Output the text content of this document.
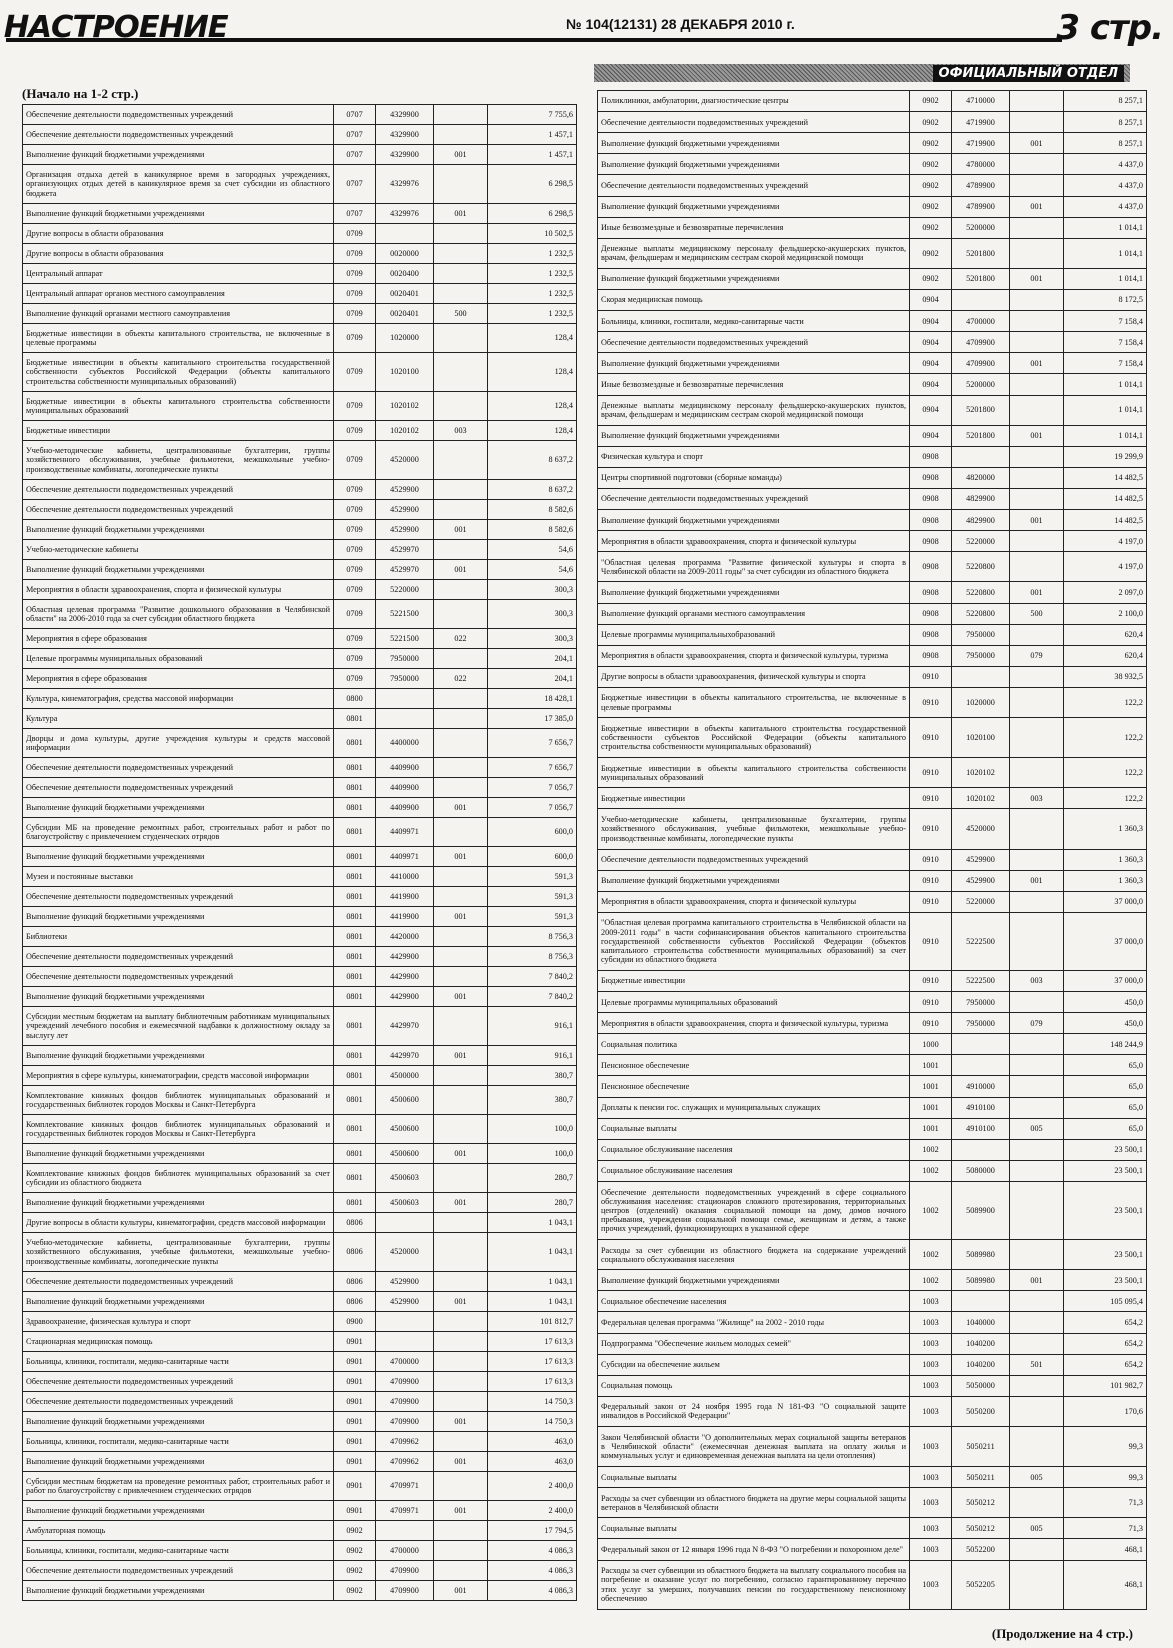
НАСТРОЕНИЕ	№ 104(12131) 28 ДЕКАБРЯ 2010 г.	3 стр.
ОФИЦИАЛЬНЫЙ ОТДЕЛ
(Начало на 1-2 стр.)
Обеспечение деятельности подведомственных учреждений	0707	4329900		7 755,6
Обеспечение деятельности подведомственных учреждений	0707	4329900		1 457,1
Выполнение функций бюджетными учреждениями	0707	4329900	001	1 457,1
Организация отдыха детей в каникулярное время в загородных учреждениях, организующих отдых детей в каникулярное время за счет субсидии из областного бюджета	0707	4329976		6 298,5
Выполнение функций бюджетными учреждениями	0707	4329976	001	6 298,5
Другие вопросы в области образования	0709			10 502,5
Другие вопросы в области образования	0709	0020000		1 232,5
Центральный аппарат	0709	0020400		1 232,5
Центральный аппарат органов местного самоуправления	0709	0020401		1 232,5
Выполнение функций органами местного самоуправления	0709	0020401	500	1 232,5
Бюджетные инвестиции в объекты капитального строительства, не включенные в целевые программы	0709	1020000		128,4
Бюджетные инвестиции в объекты капитального строительства государственной собственности субъектов Российской Федерации (объекты капитального строительства собственности муниципальных образований)	0709	1020100		128,4
Бюджетные инвестиции в объекты капитального строительства собственности муниципальных образований	0709	1020102		128,4
Бюджетные инвестиции	0709	1020102	003	128,4
Учебно-методические кабинеты, централизованные бухгалтерии, группы хозяйственного обслуживания, учебные фильмотеки, межшкольные учебно-производственные комбинаты, логопедические пункты	0709	4520000		8 637,2
Обеспечение деятельности подведомственных учреждений	0709	4529900		8 637,2
Обеспечение деятельности подведомственных учреждений	0709	4529900		8 582,6
Выполнение функций бюджетными учреждениями	0709	4529900	001	8 582,6
Учебно-методические кабинеты	0709	4529970		54,6
Выполнение функций бюджетными учреждениями	0709	4529970	001	54,6
Мероприятия в области здравоохранения, спорта и физической культуры	0709	5220000		300,3
Областная целевая программа "Развитие дошкольного образования в Челябинской области" на 2006-2010 года за счет субсидии областного бюджета	0709	5221500		300,3
Мероприятия в сфере образования	0709	5221500	022	300,3
Целевые программы муниципальных образований	0709	7950000		204,1
Мероприятия в сфере образования	0709	7950000	022	204,1
Культура, кинематография, средства массовой информации	0800			18 428,1
Культура	0801			17 385,0
Дворцы и дома культуры, другие учреждения культуры и средств массовой информации	0801	4400000		7 656,7
Обеспечение деятельности подведомственных учреждений	0801	4409900		7 656,7
Обеспечение деятельности подведомственных учреждений	0801	4409900		7 056,7
Выполнение функций бюджетными учреждениями	0801	4409900	001	7 056,7
Субсидии МБ на проведение ремонтных работ, строительных работ и работ по благоустройству с привлечением студенческих отрядов	0801	4409971		600,0
Выполнение функций бюджетными учреждениями	0801	4409971	001	600,0
Музеи и постоянные выставки	0801	4410000		591,3
Обеспечение деятельности подведомственных учреждений	0801	4419900		591,3
Выполнение функций бюджетными учреждениями	0801	4419900	001	591,3
Библиотеки	0801	4420000		8 756,3
Обеспечение деятельности подведомственных учреждений	0801	4429900		8 756,3
Обеспечение деятельности подведомственных учреждений	0801	4429900		7 840,2
Выполнение функций бюджетными учреждениями	0801	4429900	001	7 840,2
Субсидии местным бюджетам на выплату библиотечным работникам муниципальных учреждений лечебного пособия и ежемесячной надбавки к должностному окладу за выслугу лет	0801	4429970		916,1
Выполнение функций бюджетными учреждениями	0801	4429970	001	916,1
Мероприятия в сфере культуры, кинематографии, средств массовой информации	0801	4500000		380,7
Комплектование книжных фондов библиотек муниципальных образований и государственных библиотек городов Москвы и Санкт-Петербурга	0801	4500600		380,7
Комплектование книжных фондов библиотек муниципальных образований и государственных библиотек городов Москвы и Санкт-Петербурга	0801	4500600		100,0
Выполнение функций бюджетными учреждениями	0801	4500600	001	100,0
Комплектование книжных фондов библиотек муниципальных образований за счет субсидии из областного бюджета	0801	4500603		280,7
Выполнение функций бюджетными учреждениями	0801	4500603	001	280,7
Другие вопросы в области культуры, кинематографии, средств массовой информации	0806			1 043,1
Учебно-методические кабинеты, централизованные бухгалтерии, группы хозяйственного обслуживания, учебные фильмотеки, межшкольные учебно-производственные комбинаты, логопедические пункты	0806	4520000		1 043,1
Обеспечение деятельности подведомственных учреждений	0806	4529900		1 043,1
Выполнение функций бюджетными учреждениями	0806	4529900	001	1 043,1
Здравоохранение, физическая культура и спорт	0900			101 812,7
Стационарная медицинская помощь	0901			17 613,3
Больницы, клиники, госпитали, медико-санитарные части	0901	4700000		17 613,3
Обеспечение деятельности подведомственных учреждений	0901	4709900		17 613,3
Обеспечение деятельности подведомственных учреждений	0901	4709900		14 750,3
Выполнение функций бюджетными учреждениями	0901	4709900	001	14 750,3
Больницы, клиники, госпитали, медико-санитарные части	0901	4709962		463,0
Выполнение функций бюджетными учреждениями	0901	4709962	001	463,0
Субсидии местным бюджетам на проведение ремонтных работ, строительных работ и работ по благоустройству с привлечением студенческих отрядов	0901	4709971		2 400,0
Выполнение функций бюджетными учреждениями	0901	4709971	001	2 400,0
Амбулаторная помощь	0902			17 794,5
Больницы, клиники, госпитали, медико-санитарные части	0902	4700000		4 086,3
Обеспечение деятельности подведомственных учреждений	0902	4709900		4 086,3
Выполнение функций бюджетными учреждениями	0902	4709900	001	4 086,3
Поликлиники, амбулатории, диагностические центры	0902	4710000		8 257,1
Обеспечение деятельности подведомственных учреждений	0902	4719900		8 257,1
Выполнение функций бюджетными учреждениями	0902	4719900	001	8 257,1
Выполнение функций бюджетными учреждениями	0902	4780000		4 437,0
Обеспечение деятельности подведомственных учреждений	0902	4789900		4 437,0
Выполнение функций бюджетными учреждениями	0902	4789900	001	4 437,0
Иные безвозмездные и безвозвратные перечисления	0902	5200000		1 014,1
Денежные выплаты медицинскому персоналу фельдшерско-акушерских пунктов, врачам, фельдшерам и медицинским сестрам скорой медицинской помощи	0902	5201800		1 014,1
Выполнение функций бюджетными учреждениями	0902	5201800	001	1 014,1
Скорая медицинская помощь	0904			8 172,5
Больницы, клиники, госпитали, медико-санитарные части	0904	4700000		7 158,4
Обеспечение деятельности подведомственных учреждений	0904	4709900		7 158,4
Выполнение функций бюджетными учреждениями	0904	4709900	001	7 158,4
Иные безвозмездные и безвозвратные перечисления	0904	5200000		1 014,1
Денежные выплаты медицинскому персоналу фельдшерско-акушерских пунктов, врачам, фельдшерам и медицинским сестрам скорой медицинской помощи	0904	5201800		1 014,1
Выполнение функций бюджетными учреждениями	0904	5201800	001	1 014,1
Физическая культура и спорт	0908			19 299,9
Центры спортивной подготовки (сборные команды)	0908	4820000		14 482,5
Обеспечение деятельности подведомственных учреждений	0908	4829900		14 482,5
Выполнение функций бюджетными учреждениями	0908	4829900	001	14 482,5
Мероприятия в области здравоохранения, спорта и физической культуры	0908	5220000		4 197,0
"Областная целевая программа "Развитие физической культуры и спорта в Челябинской области на 2009-2011 годы" за счет субсидии из областного бюджета	0908	5220800		4 197,0
Выполнение функций бюджетными учреждениями	0908	5220800	001	2 097,0
Выполнение функций органами местного самоуправления	0908	5220800	500	2 100,0
Целевые программы муниципальныхобразований	0908	7950000		620,4
Мероприятия в области здравоохранения, спорта и физической культуры, туризма	0908	7950000	079	620,4
Другие вопросы в области здравоохранения, физической культуры и спорта	0910			38 932,5
Бюджетные инвестиции в объекты капитального строительства, не включенные в целевые программы	0910	1020000		122,2
Бюджетные инвестиции в объекты капитального строительства государственной собственности субъектов Российской Федерации (объекты капитального строительства собственности муниципальных образований)	0910	1020100		122,2
Бюджетные инвестиции в объекты капитального строительства собственности муниципальных образований	0910	1020102		122,2
Бюджетные инвестиции	0910	1020102	003	122,2
Учебно-методические кабинеты, централизованные бухгалтерии, группы хозяйственного обслуживания, учебные фильмотеки, межшкольные учебно-производственные комбинаты, логопедические пункты	0910	4520000		1 360,3
Обеспечение деятельности подведомственных учреждений	0910	4529900		1 360,3
Выполнение функций бюджетными учреждениями	0910	4529900	001	1 360,3
Мероприятия в области здравоохранения, спорта и физической культуры	0910	5220000		37 000,0
"Областная целевая программа капитального строительства в Челябинской области на 2009-2011 годы" в части софинансирования объектов капитального строительства государственной собственности субъектов Российской Федерации (объектов капитального строительства собственности муниципальных образований) за счет субсидии из областного бюджета	0910	5222500		37 000,0
Бюджетные инвестиции	0910	5222500	003	37 000,0
Целевые программы муниципальных образований	0910	7950000		450,0
Мероприятия в области здравоохранения, спорта и физической культуры, туризма	0910	7950000	079	450,0
Социальная политика	1000			148 244,9
Пенсионное обеспечение	1001			65,0
Пенсионное обеспечение	1001	4910000		65,0
Доплаты к пенсии гос. служащих и муниципальных служащих	1001	4910100		65,0
Социальные выплаты	1001	4910100	005	65,0
Социальное обслуживание населения	1002			23 500,1
Социальное обслуживание населения	1002	5080000		23 500,1
Обеспечение деятельности подведомственных учреждений в сфере социального обслуживания населения: стационаров сложного протезирования, территориальных центров (отделений) оказания социальной помощи на дому, домов ночного пребывания, учреждения социальной помощи семье, женщинам и детям, а также прочих учреждений, функционирующих в указанной сфере	1002	5089900		23 500,1
Расходы за счет субвенции из областного бюджета на содержание учреждений социального обслуживания населения	1002	5089980		23 500,1
Выполнение функций бюджетными учреждениями	1002	5089980	001	23 500,1
Социальное обеспечение населения	1003			105 095,4
Федеральная целевая программа "Жилище" на 2002 - 2010 годы	1003	1040000		654,2
Подпрограмма "Обеспечение жильем молодых семей"	1003	1040200		654,2
Субсидии на обеспечение жильем	1003	1040200	501	654,2
Социальная помощь	1003	5050000		101 982,7
Федеральный закон от 24 ноября 1995 года N 181-ФЗ "О социальной защите инвалидов в Российской Федерации"	1003	5050200		170,6
Закон Челябинской области "О дополнительных мерах социальной защиты ветеранов в Челябинской области" (ежемесячная денежная выплата на оплату жилья и коммунальных услуг и единовременная денежная выплата на цели отопления)	1003	5050211		99,3
Социальные выплаты	1003	5050211	005	99,3
Расходы за счет субвенции из областного бюджета на другие меры социальной защиты ветеранов в Челябинской области	1003	5050212		71,3
Социальные выплаты	1003	5050212	005	71,3
Федеральный закон от 12 января 1996 года N 8-ФЗ "О погребении и похоронном деле"	1003	5052200		468,1
Расходы за счет субвенции из областного бюджета на выплату социального пособия на погребение и оказание услуг по погребению, согласно гарантированному перечню этих услуг за умерших, получавших пенсии по государственному пенсионному обеспечению	1003	5052205		468,1
(Продолжение на 4 стр.)
